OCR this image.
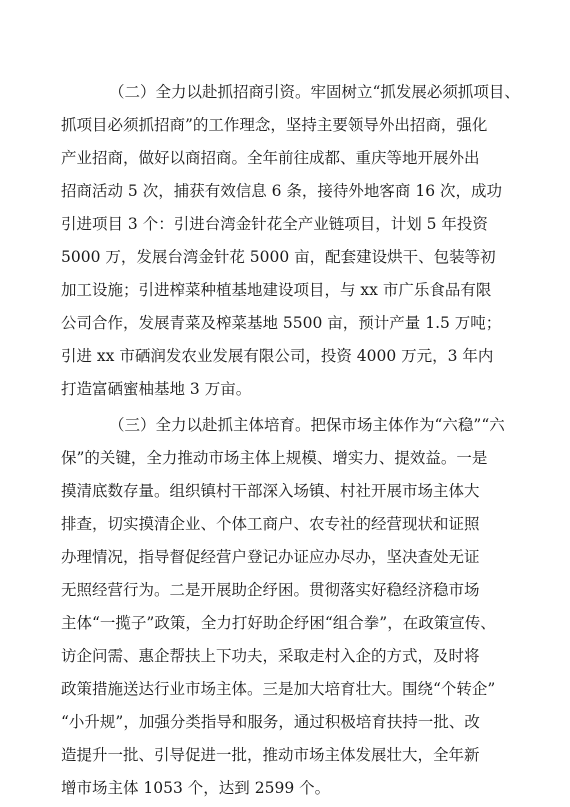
（二）全力以赴抓招商引资。牢固树立“抓发展必须抓项目、
抓项目必须抓招商”的工作理念，坚持主要领导外出招商，强化
产业招商，做好以商招商。全年前往成都、重庆等地开展外出
招商活动 5 次，捕获有效信息 6 条，接待外地客商 16 次，成功
引进项目 3 个：引进台湾金针花全产业链项目，计划 5 年投资
5000 万，发展台湾金针花 5000 亩，配套建设烘干、包装等初
加工设施；引进榨菜种植基地建设项目，与 xx 市广乐食品有限
公司合作，发展青菜及榨菜基地 5500 亩，预计产量 1.5 万吨；
引进 xx 市硒润发农业发展有限公司，投资 4000 万元，3 年内
打造富硒蜜柚基地 3 万亩。
（三）全力以赴抓主体培育。把保市场主体作为“六稳”“六
保”的关键，全力推动市场主体上规模、增实力、提效益。一是
摸清底数存量。组织镇村干部深入场镇、村社开展市场主体大
排查，切实摸清企业、个体工商户、农专社的经营现状和证照
办理情况，指导督促经营户登记办证应办尽办，坚决查处无证
无照经营行为。二是开展助企纾困。贯彻落实好稳经济稳市场
主体“一揽子”政策，全力打好助企纾困“组合拳”，在政策宣传、
访企问需、惠企帮扶上下功夫，采取走村入企的方式，及时将
政策措施送达行业市场主体。三是加大培育壮大。围绕“个转企”
“小升规”，加强分类指导和服务，通过积极培育扶持一批、改
造提升一批、引导促进一批，推动市场主体发展壮大，全年新
增市场主体 1053 个，达到 2599 个。
